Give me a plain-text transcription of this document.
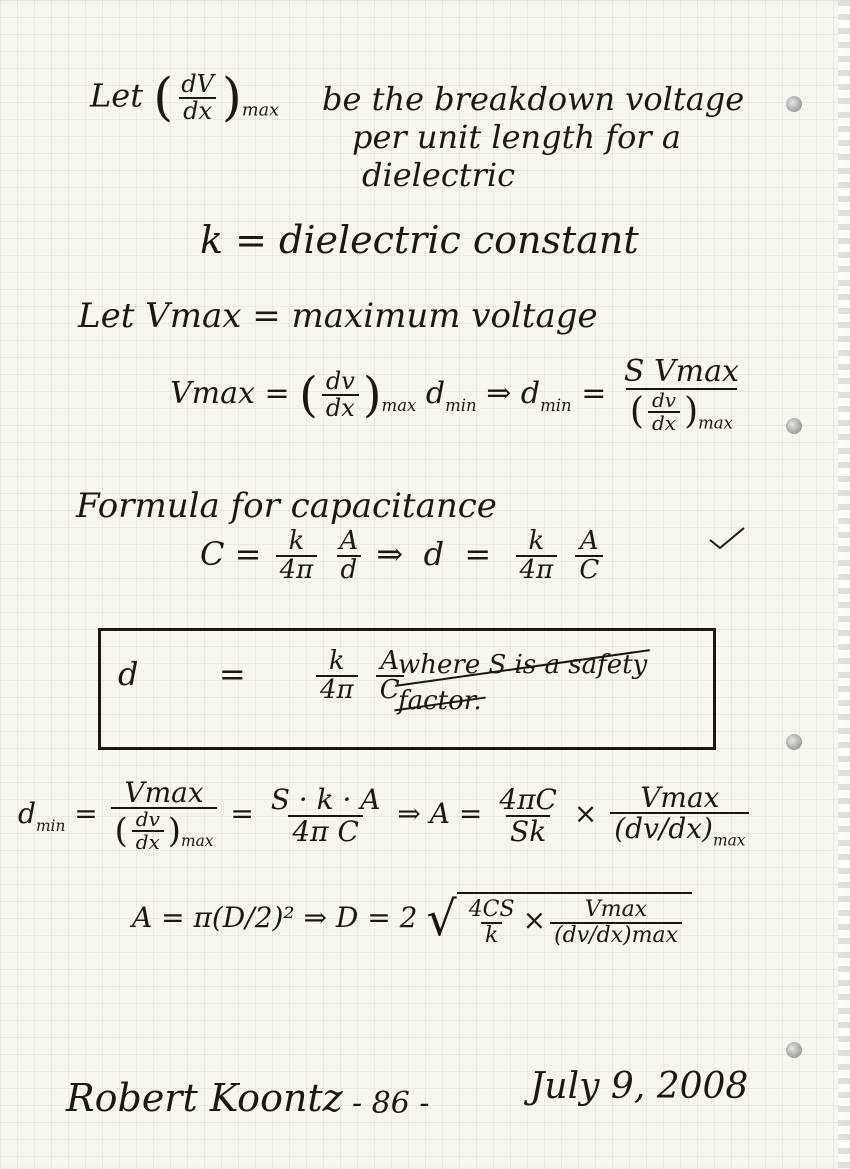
Let ( $\frac{dV}{dx} )_{max}$ be the breakdown voltage
per unit length for a
dielectric
k = dielectric constant
Let Vmax = maximum voltage
Vmax = ( $\frac{dv}{dx} )_{max}$ $d_{min}$ ⇒ $d_{min} = \frac{\text{S Vmax}}{( \frac{dv}{dx} )_{max}}$
Formula for capacitance
$C = \frac{k}{4\pi}$
$\frac{A}{d}$ ⇒ $d = \frac{k}{4\pi}$
$\frac{A}{C}$
d	=	$\frac{k}{4\pi}$
$\frac{A}{C}$
where S is a safety
factor.
$d_{min} = \frac{Vmax}{( \frac{dv}{dx} )_{max}} = \frac{S \cdot k \cdot A}{\text{4π C}}$ ⇒ $A = \frac{4\pi C}{Sk} \times \frac{Vmax}{(dv/dx)_{max}}$
A = π(D/2)² ⇒ D = 2 √ $\frac{4CS}{k} \times \frac{Vmax}{(dv/dx)\max}$
Robert Koontz - 86 -	July 9, 2008
